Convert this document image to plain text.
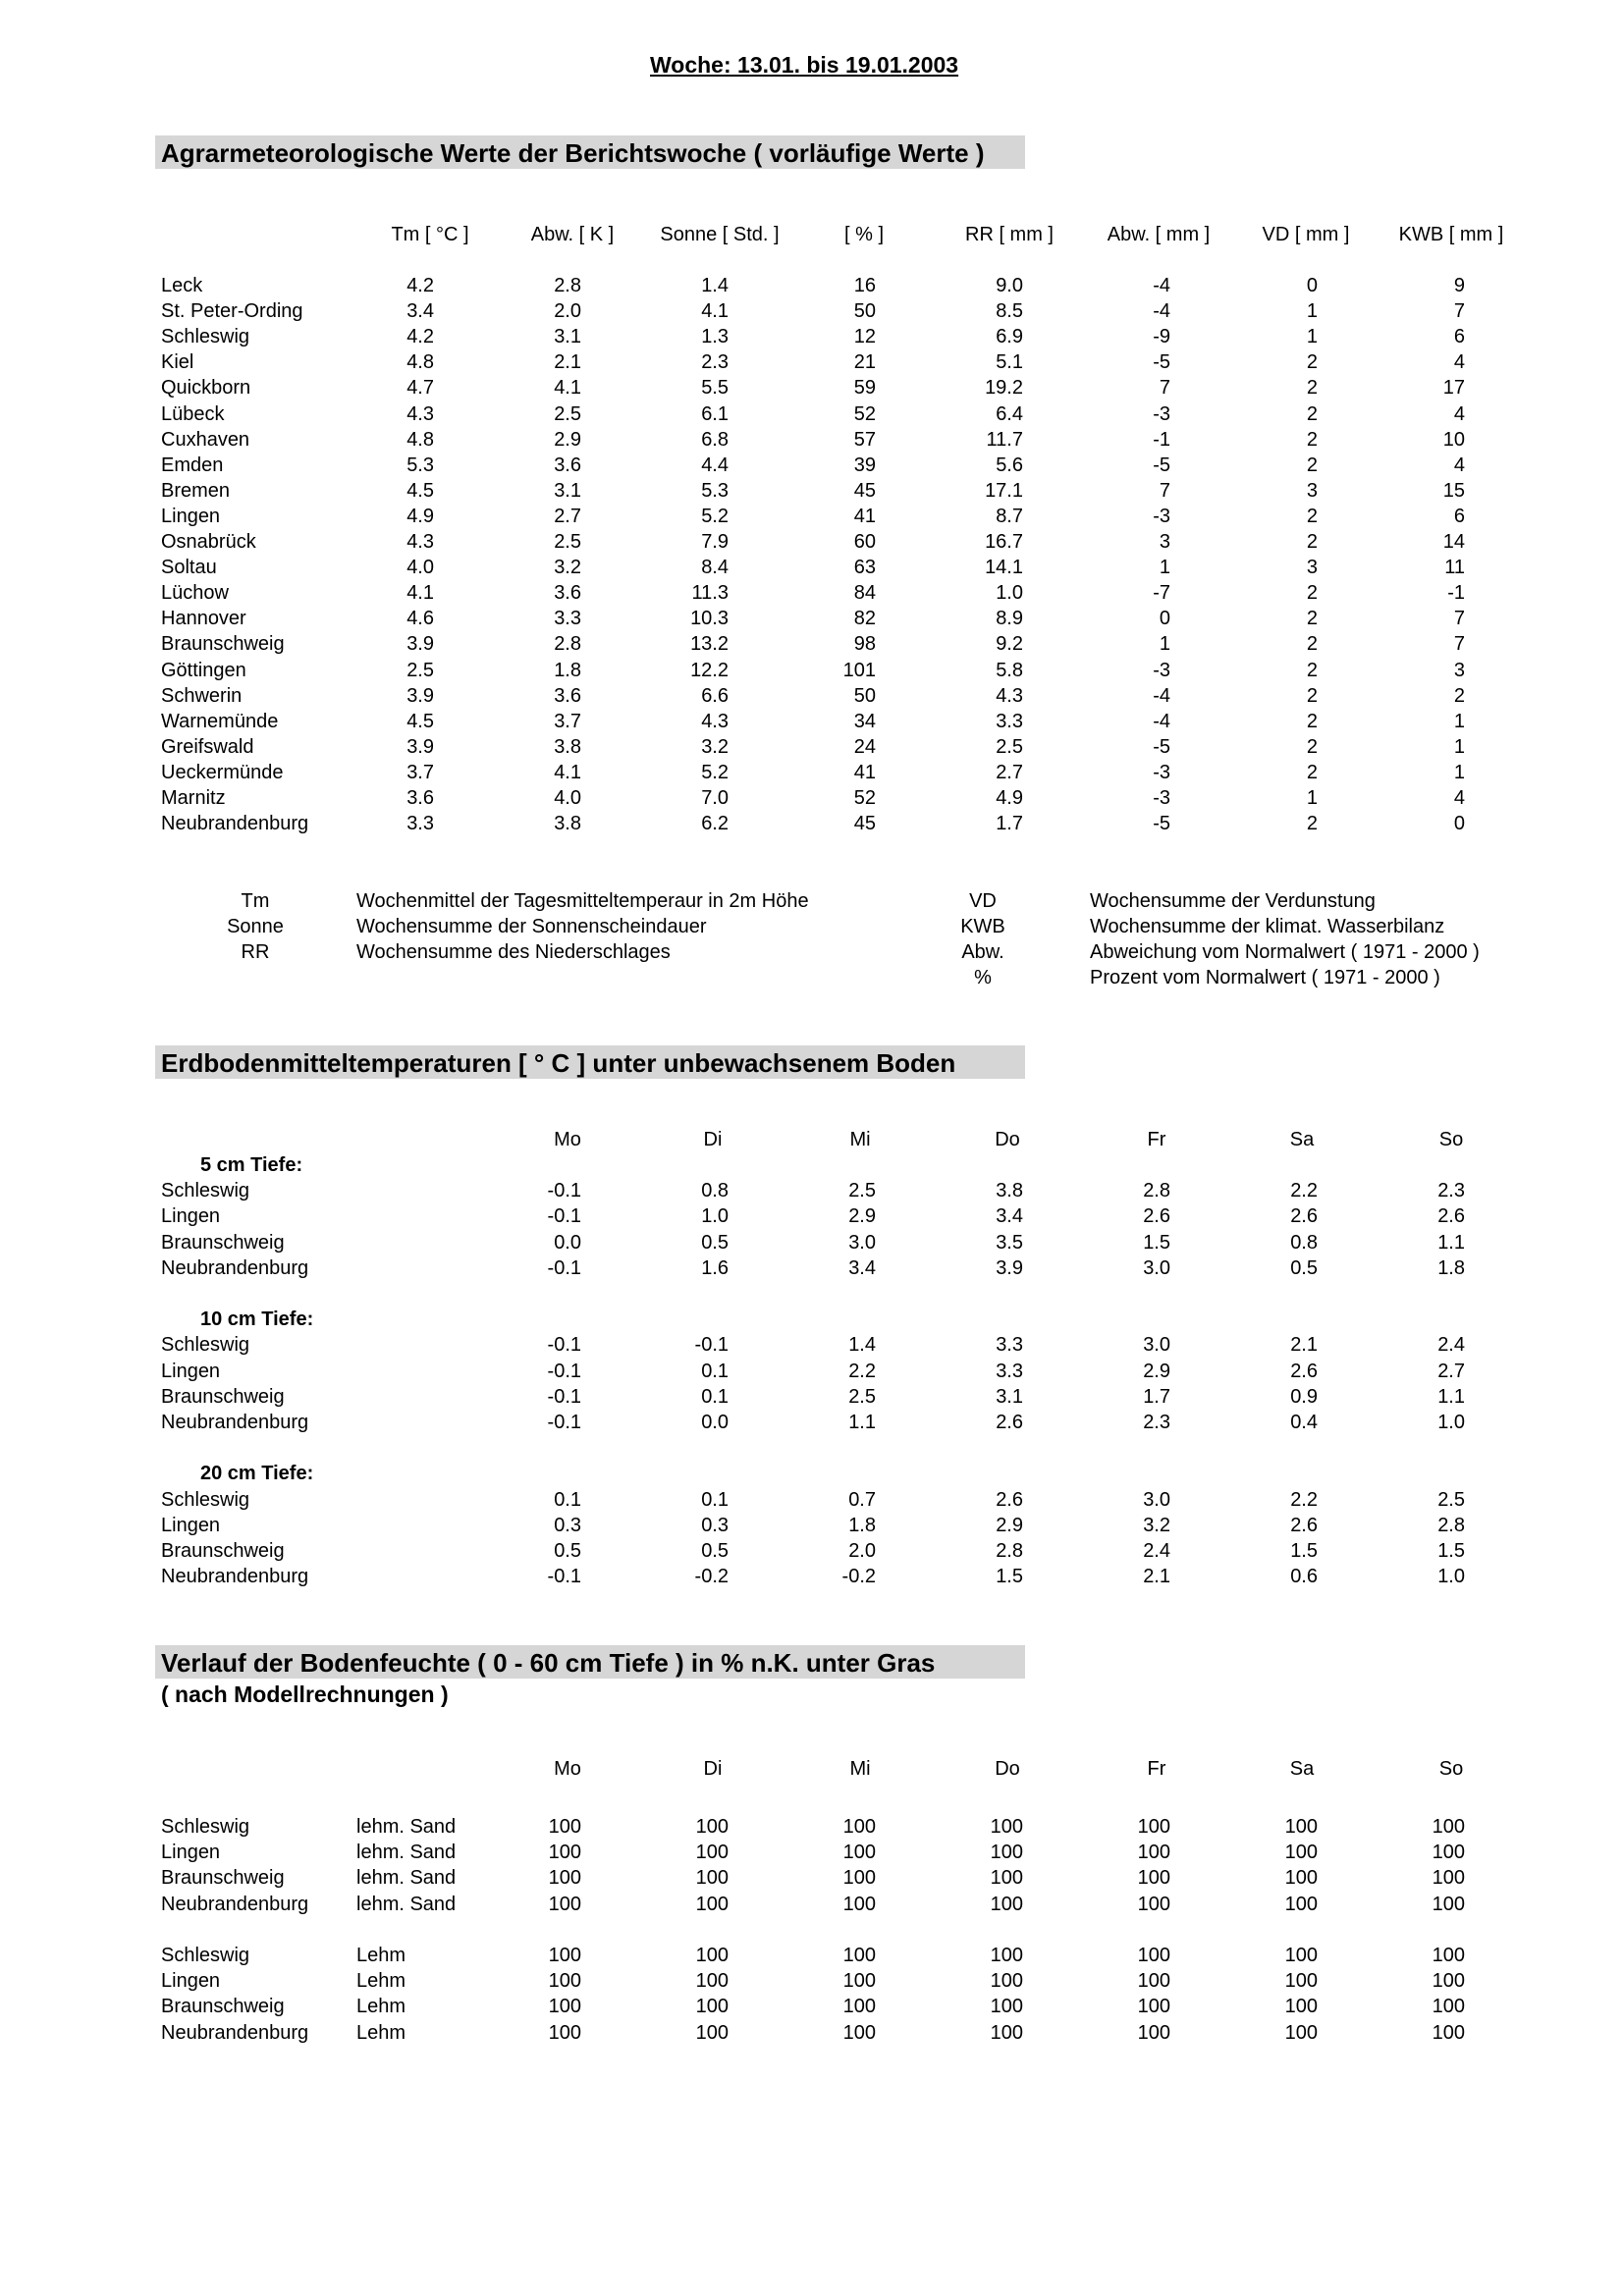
Woche: 13.01. bis 19.01.2003
Agrarmeteorologische Werte der Berichtswoche ( vorläufige Werte )
Tm [ °C ]	Abw. [ K ]	Sonne [ Std. ]	[ % ]	RR [ mm ]	Abw. [ mm ]	VD [ mm ]	KWB [ mm ]
Leck	4.2	2.8	1.4	16	9.0	-4	0	9
St. Peter-Ording	3.4	2.0	4.1	50	8.5	-4	1	7
Schleswig	4.2	3.1	1.3	12	6.9	-9	1	6
Kiel	4.8	2.1	2.3	21	5.1	-5	2	4
Quickborn	4.7	4.1	5.5	59	19.2	7	2	17
Lübeck	4.3	2.5	6.1	52	6.4	-3	2	4
Cuxhaven	4.8	2.9	6.8	57	11.7	-1	2	10
Emden	5.3	3.6	4.4	39	5.6	-5	2	4
Bremen	4.5	3.1	5.3	45	17.1	7	3	15
Lingen	4.9	2.7	5.2	41	8.7	-3	2	6
Osnabrück	4.3	2.5	7.9	60	16.7	3	2	14
Soltau	4.0	3.2	8.4	63	14.1	1	3	11
Lüchow	4.1	3.6	11.3	84	1.0	-7	2	-1
Hannover	4.6	3.3	10.3	82	8.9	0	2	7
Braunschweig	3.9	2.8	13.2	98	9.2	1	2	7
Göttingen	2.5	1.8	12.2	101	5.8	-3	2	3
Schwerin	3.9	3.6	6.6	50	4.3	-4	2	2
Warnemünde	4.5	3.7	4.3	34	3.3	-4	2	1
Greifswald	3.9	3.8	3.2	24	2.5	-5	2	1
Ueckermünde	3.7	4.1	5.2	41	2.7	-3	2	1
Marnitz	3.6	4.0	7.0	52	4.9	-3	1	4
Neubrandenburg	3.3	3.8	6.2	45	1.7	-5	2	0
Tm	Wochenmittel der Tagesmitteltemperaur in 2m Höhe
Sonne	Wochensumme der Sonnenscheindauer
RR	Wochensumme des Niederschlages
VD	Wochensumme der Verdunstung
KWB	Wochensumme der klimat. Wasserbilanz
Abw.	Abweichung vom Normalwert ( 1971 - 2000 )
%	Prozent vom Normalwert ( 1971 - 2000 )
Erdbodenmitteltemperaturen [ ° C ] unter unbewachsenem Boden
Mo	Di	Mi	Do	Fr	Sa	So
5 cm Tiefe:
Schleswig	-0.1	0.8	2.5	3.8	2.8	2.2	2.3
Lingen	-0.1	1.0	2.9	3.4	2.6	2.6	2.6
Braunschweig	0.0	0.5	3.0	3.5	1.5	0.8	1.1
Neubrandenburg	-0.1	1.6	3.4	3.9	3.0	0.5	1.8
10 cm Tiefe:
Schleswig	-0.1	-0.1	1.4	3.3	3.0	2.1	2.4
Lingen	-0.1	0.1	2.2	3.3	2.9	2.6	2.7
Braunschweig	-0.1	0.1	2.5	3.1	1.7	0.9	1.1
Neubrandenburg	-0.1	0.0	1.1	2.6	2.3	0.4	1.0
20 cm Tiefe:
Schleswig	0.1	0.1	0.7	2.6	3.0	2.2	2.5
Lingen	0.3	0.3	1.8	2.9	3.2	2.6	2.8
Braunschweig	0.5	0.5	2.0	2.8	2.4	1.5	1.5
Neubrandenburg	-0.1	-0.2	-0.2	1.5	2.1	0.6	1.0
Verlauf der Bodenfeuchte ( 0 - 60 cm Tiefe ) in % n.K. unter Gras
( nach Modellrechnungen )
Mo	Di	Mi	Do	Fr	Sa	So
Schleswig	lehm. Sand	100	100	100	100	100	100	100
Lingen	lehm. Sand	100	100	100	100	100	100	100
Braunschweig	lehm. Sand	100	100	100	100	100	100	100
Neubrandenburg lehm. Sand	100	100	100	100	100	100	100
Schleswig	Lehm	100	100	100	100	100	100	100
Lingen	Lehm	100	100	100	100	100	100	100
Braunschweig	Lehm	100	100	100	100	100	100	100
Neubrandenburg Lehm	100	100	100	100	100	100	100
